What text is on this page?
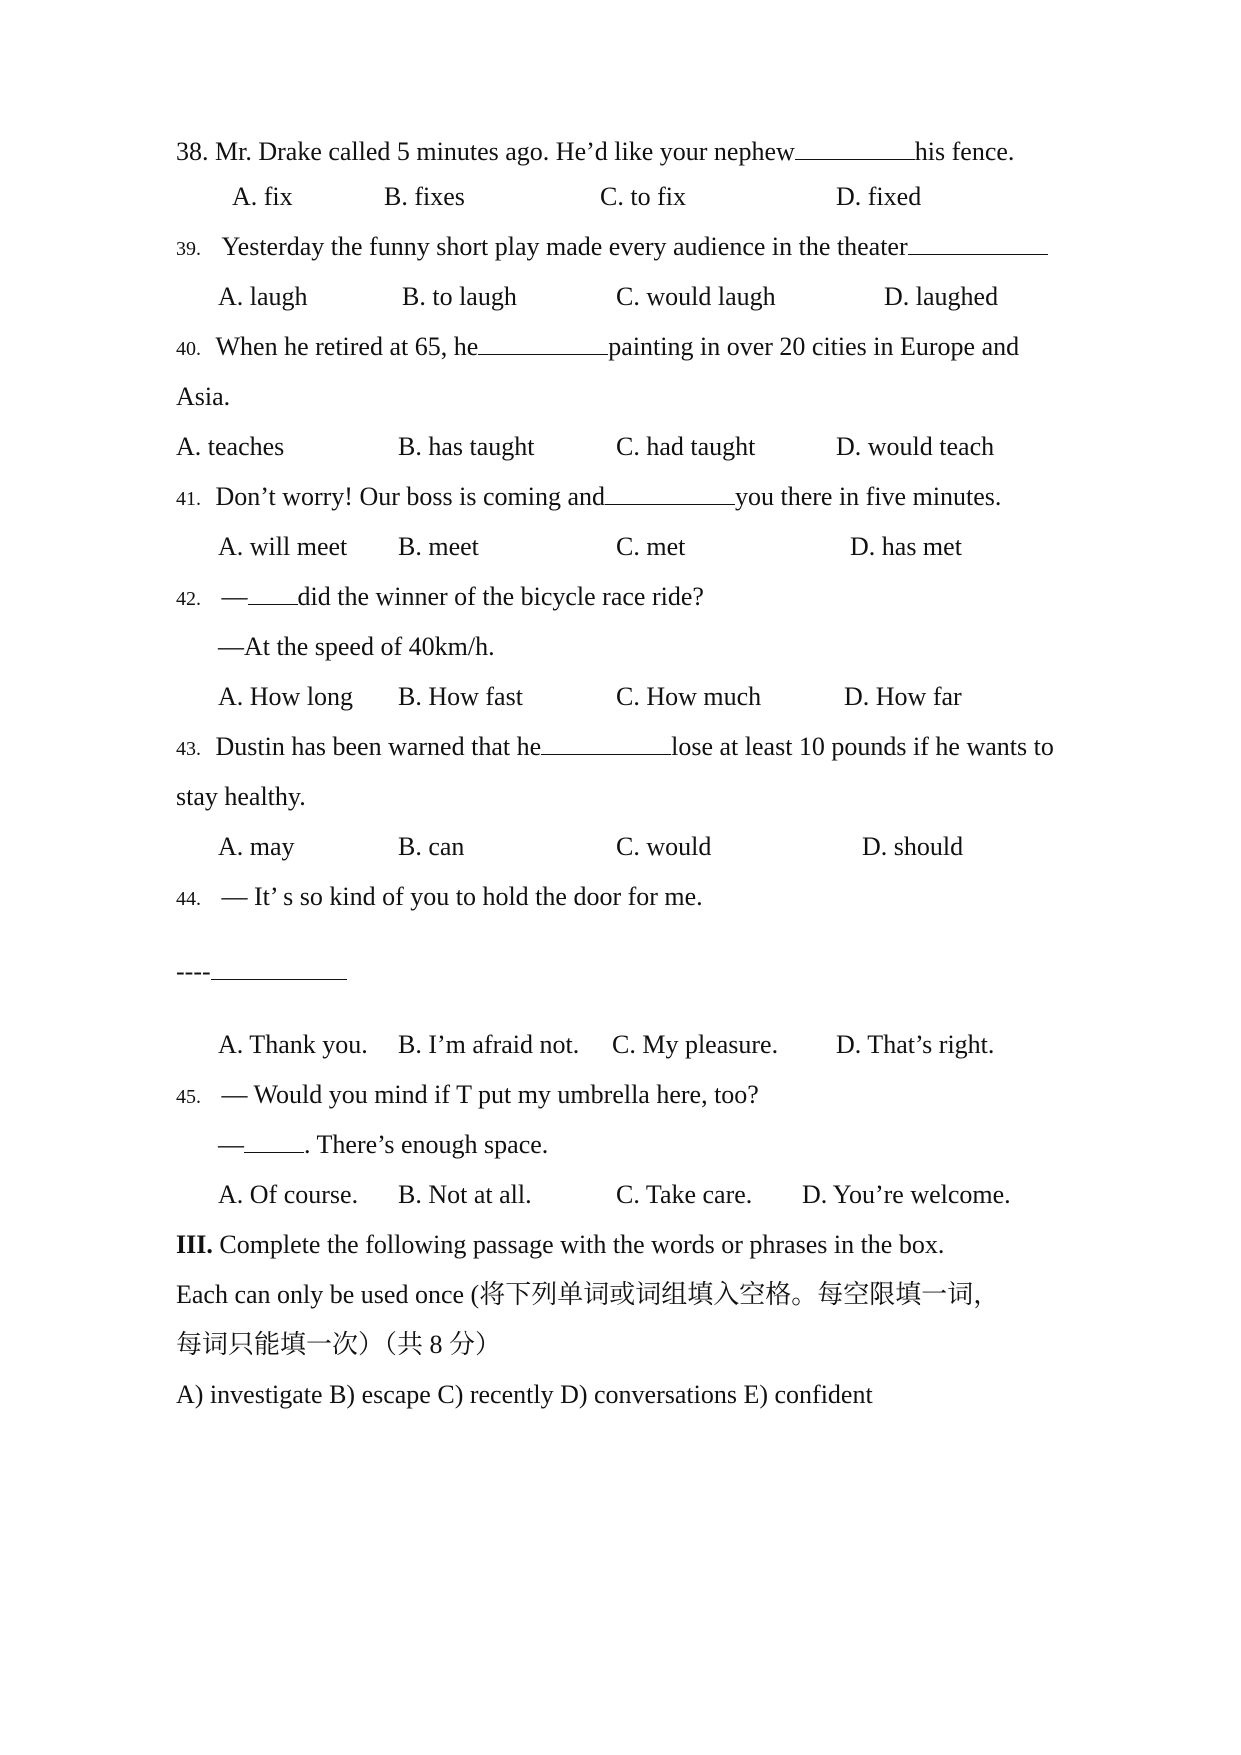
38. Mr. Drake called 5 minutes ago. He’d like your nephew	his fence.
A. fix	B. fixes	C. to fix	D. fixed
39. Yesterday the funny short play made every audience in the theater
A. laugh	B. to laugh	C. would laugh	D. laughed
40. When he retired at 65, he	painting in over 20 cities in Europe and
Asia.
A. teaches	B. has taught	C. had taught	D. would teach
41. Don’t worry! Our boss is coming and	you there in five minutes.
A. will meet B. meet	C. met	D. has met
42. — did the winner of the bicycle race ride?
—At the speed of 40km/h.
A. How long B. How fast	C. How much	D. How far
43. Dustin has been warned that he	lose at least 10 pounds if he wants to
stay healthy.
A. may	B. can	C. would	D. should
44. — It’ s so kind of you to hold the door for me.
----
A. Thank you. B. I’m afraid not. C. My pleasure. D. That’s right.
45. — Would you mind if T put my umbrella here, too?
— . There’s enough space.
A. Of course. B. Not at all.	C. Take care. D. You’re welcome.
III. Complete the following passage with the words or phrases in the box.
Each can only be used once (将下列单词或词组填入空格。每空限填一词，
每词只能填一次）（共 8 分）
A) investigate B) escape C) recently D) conversations E) confident
